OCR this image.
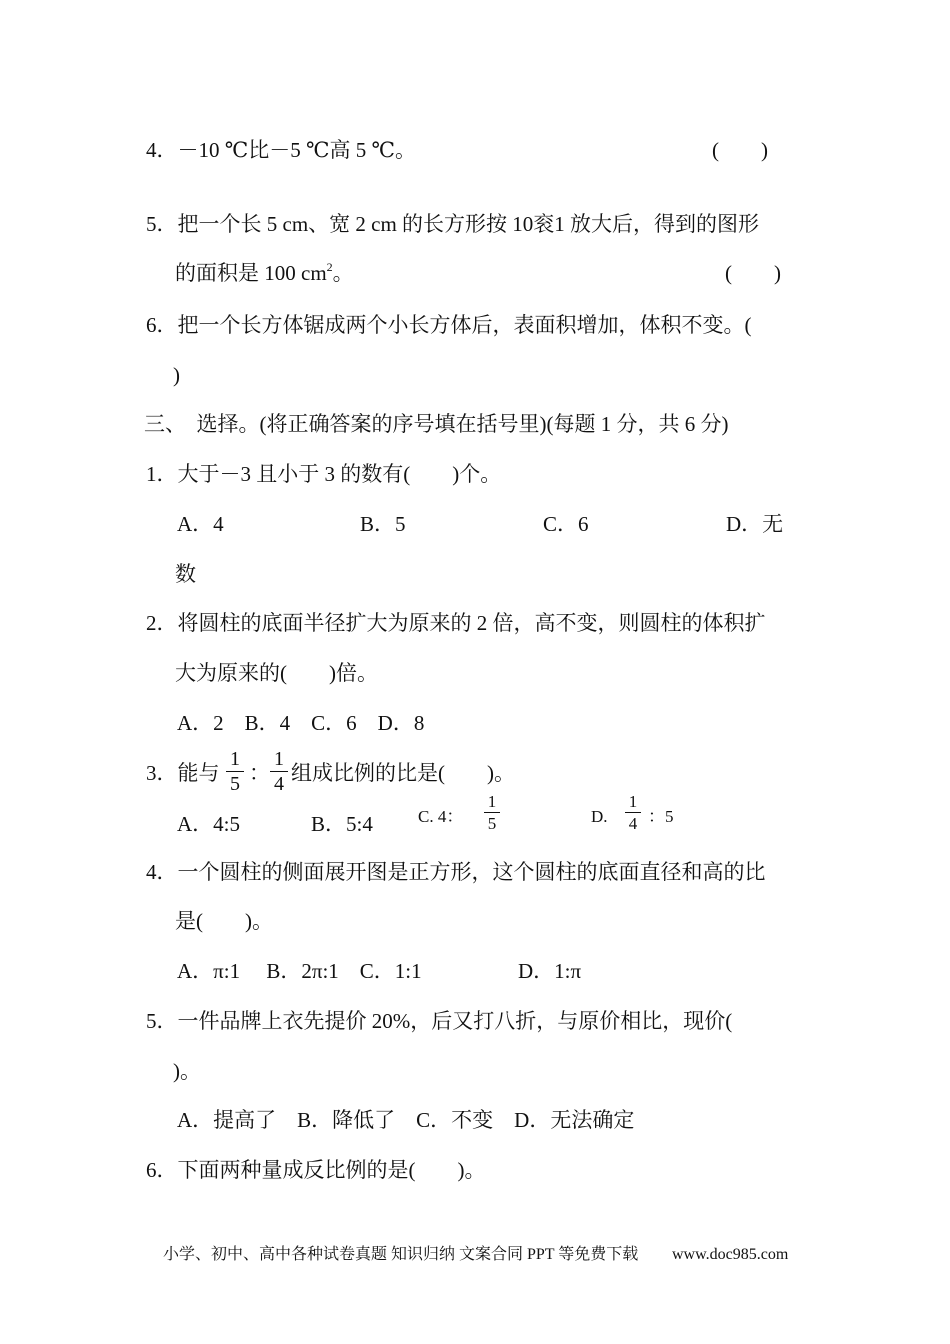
4．－10 ℃比－5 ℃高 5 ℃。	(　　)
5．把一个长 5 cm、宽 2 cm 的长方形按 10衮1 放大后，得到的图形
的面积是 100 $cm^2$。	(　　)
6．把一个长方体锯成两个小长方体后，表面积增加，体积不变。(
)
三、　选择。(将正确答案的序号填在括号里)(每题 1 分，共 6 分)
1．大于－3 且小于 3 的数有(　　)个。
A．4	B．5	C．6	D．无
数
2．将圆柱的底面半径扩大为原来的 2 倍，高不变，则圆柱的体积扩
大为原来的(　　)倍。
A．2　B．4　C．6　D．8
3．能与
1
5 ：
1
4 组成比例的比是(　　)。
A．4:5	B．5:4	C. 4：
1
5	D.
1
4 ：5
4．一个圆柱的侧面展开图是正方形，这个圆柱的底面直径和高的比
是(　　)。
A．π:1　 B．2π:1　C．1:1	D．1:π
5．一件品牌上衣先提价 20%，后又打八折，与原价相比，现价(
)。
A．提高了　B．降低了　C．不变　D．无法确定
6．下面两种量成反比例的是(　　)。
小学、初中、高中各种试卷真题 知识归纳 文案合同 PPT 等免费下载 www.doc985.com
